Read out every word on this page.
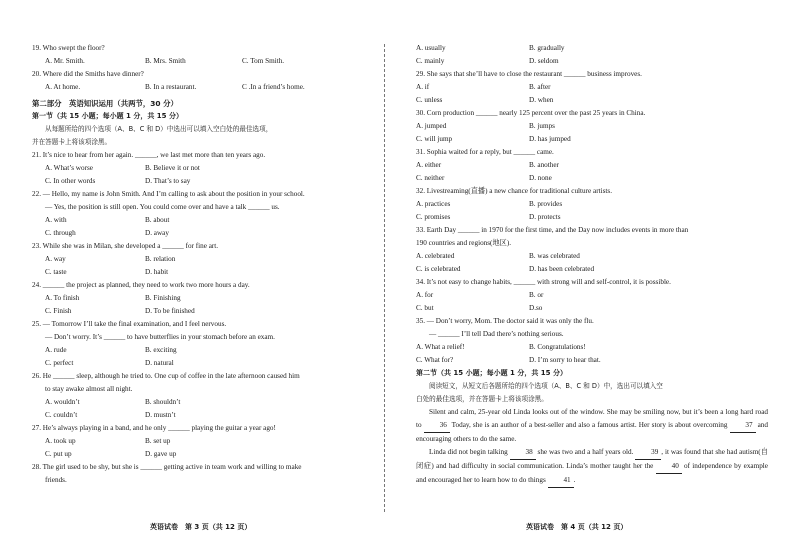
19. Who swept the floor?

A. Mr. Smith.	B. Mrs. Smith	C. Tom Smith.

20. Where did the Smiths have dinner?

A. At home.	B. In a restaurant.	C .In a friend’s home.

第二部分　英语知识运用（共两节，30 分）

第一节（共 15 小题；每小题 1 分，共 15 分）

从每题所给的四个选项（A、B、C 和 D）中选出可以填入空白处的最佳选项，

并在答题卡上将该项涂黑。

21. It’s nice to hear from her again. ______, we last met more than ten years ago.

A. What’s worse	B. Believe it or not
C. In other words	D. That’s to say

22. — Hello, my name is John Smith. And I’m calling to ask about the position in your school.

— Yes, the position is still open. You could come over and have a talk ______ us.

A. with	B. about
C. through	D. away

23. While she was in Milan, she developed a ______ for fine art.

A. way	B. relation
C. taste	D. habit

24. ______ the project as planned, they need to work two more hours a day.

A. To finish	B. Finishing
C. Finish	D. To be finished

25. — Tomorrow I’ll take the final examination, and I feel nervous.

— Don’t worry. It’s ______ to have butterflies in your stomach before an exam.

A. rude	B. exciting
C. perfect	D. natural

26. He ______ sleep, although he tried to. One cup of coffee in the late afternoon caused him

to stay awake almost all night.

A. wouldn’t	B. shouldn’t
C. couldn’t	D. mustn’t

27. He’s always playing in a band, and he only ______ playing the guitar a year ago!

A. took up	B. set up
C. put up	D. gave up

28. The girl used to be shy, but she is ______ getting active in team work and willing to make

friends.

英语试卷　第 3 页（共 12 页）
A. usually	B. gradually
C. mainly	D. seldom

29. She says that she’ll have to close the restaurant ______ business improves.

A. if	B. after
C. unless	D. when

30. Corn production ______ nearly 125 percent over the past 25 years in China.

A. jumped	B. jumps
C. will jump	D. has jumped

31. Sophia waited for a reply, but ______ came.

A. either	B. another
C. neither	D. none

32. Livestreaming(直播) a new chance for traditional culture artists.

A. practices	B. provides
C. promises	D. protects

33. Earth Day ______ in 1970 for the first time, and the Day now includes events in more than

190 countries and regions(地区).

A. celebrated	B. was celebrated
C. is celebrated	D. has been celebrated

34. It’s not easy to change habits, ______ with strong will and self-control, it is possible.

A. for	B. or
C. but	D.so

35. — Don’t worry, Mom. The doctor said it was only the flu.

— ______ I’ll tell Dad there’s nothing serious.

A. What a relief!	B. Congratulations!
C. What for?	D. I’m sorry to hear that.

第二节（共 15 小题；每小题 1 分，共 15 分）

阅读短文，从短文后各题所给的四个选项（A、B、C 和 D）中，选出可以填入空

白处的最佳选项，并在答题卡上将该项涂黑。

Silent and calm, 25-year old Linda looks out of the window. She may be smiling now, but it’s been a long hard road to 36 Today, she is an author of a best-seller and also a famous artist. Her story is about overcoming 37 and encouraging others to do the same.

Linda did not begin talking 38 she was two and a half years old. 39 , it was found that she had autism(自闭症) and had difficulty in social communication. Linda’s mother taught her the 40 of independence by example and encouraged her to learn how to do things 41 .

英语试卷　第 4 页（共 12 页）
